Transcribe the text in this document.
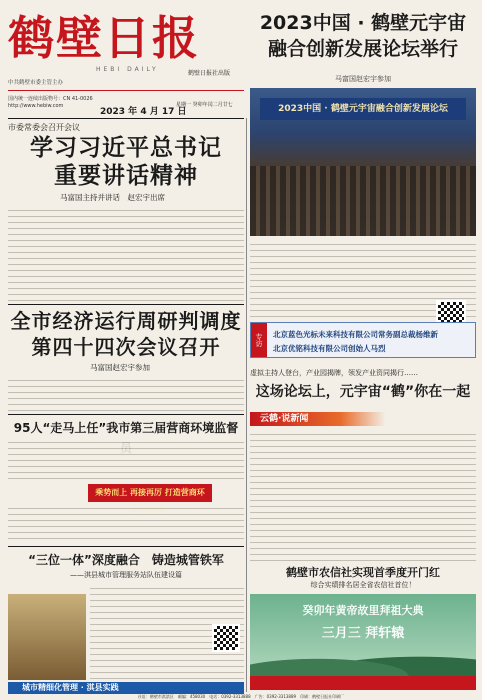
鹤壁日报
HEBI DAILY
鹤壁日报社出版
中共鹤壁市委主管主办
国内统一连续出版物号：CN 41-0026
http://www.hebiw.com
2023 年 4 月 17 日
星期一 癸卯年闰二月廿七
2023中国 · 鹤壁元宇宙
融合创新发展论坛举行
马富国赵宏宇参加
2023中国 · 鹤壁元宇宙融合创新发展论坛
市委常委会召开会议
学习习近平总书记
重要讲话精神
马富国主持并讲话　赵宏宇出席
全市经济运行周研判调度
第四十四次会议召开
马富国赵宏宇参加
专访	北京蓝色光标未来科技有限公司常务副总裁杨维新
北京优铭科技有限公司创始人马烈
虚拟主持人登台，产业园揭牌，领发产业资同揭行……
这场论坛上，元宇宙“鹤”你在一起
云鹤·说新闻
95人“走马上任”我市第三届营商环境监督
乘势而上 再接再厉 打造营商环
“三位一体”深度融合　铸造城管铁军
——淇县城市管理服务站队伍建设篇
城市精细化管理 · 淇县实践
鹤壁市农信社实现首季度开门红
综合实绩排名居全省农信社首位！
癸卯年黄帝故里拜祖大典
三月三 拜轩辕
社址：鹤壁市淇滨区　邮编：458030　电话：0392-3313888　广告：0392-3313889　印刷：鹤壁日报社印刷厂
